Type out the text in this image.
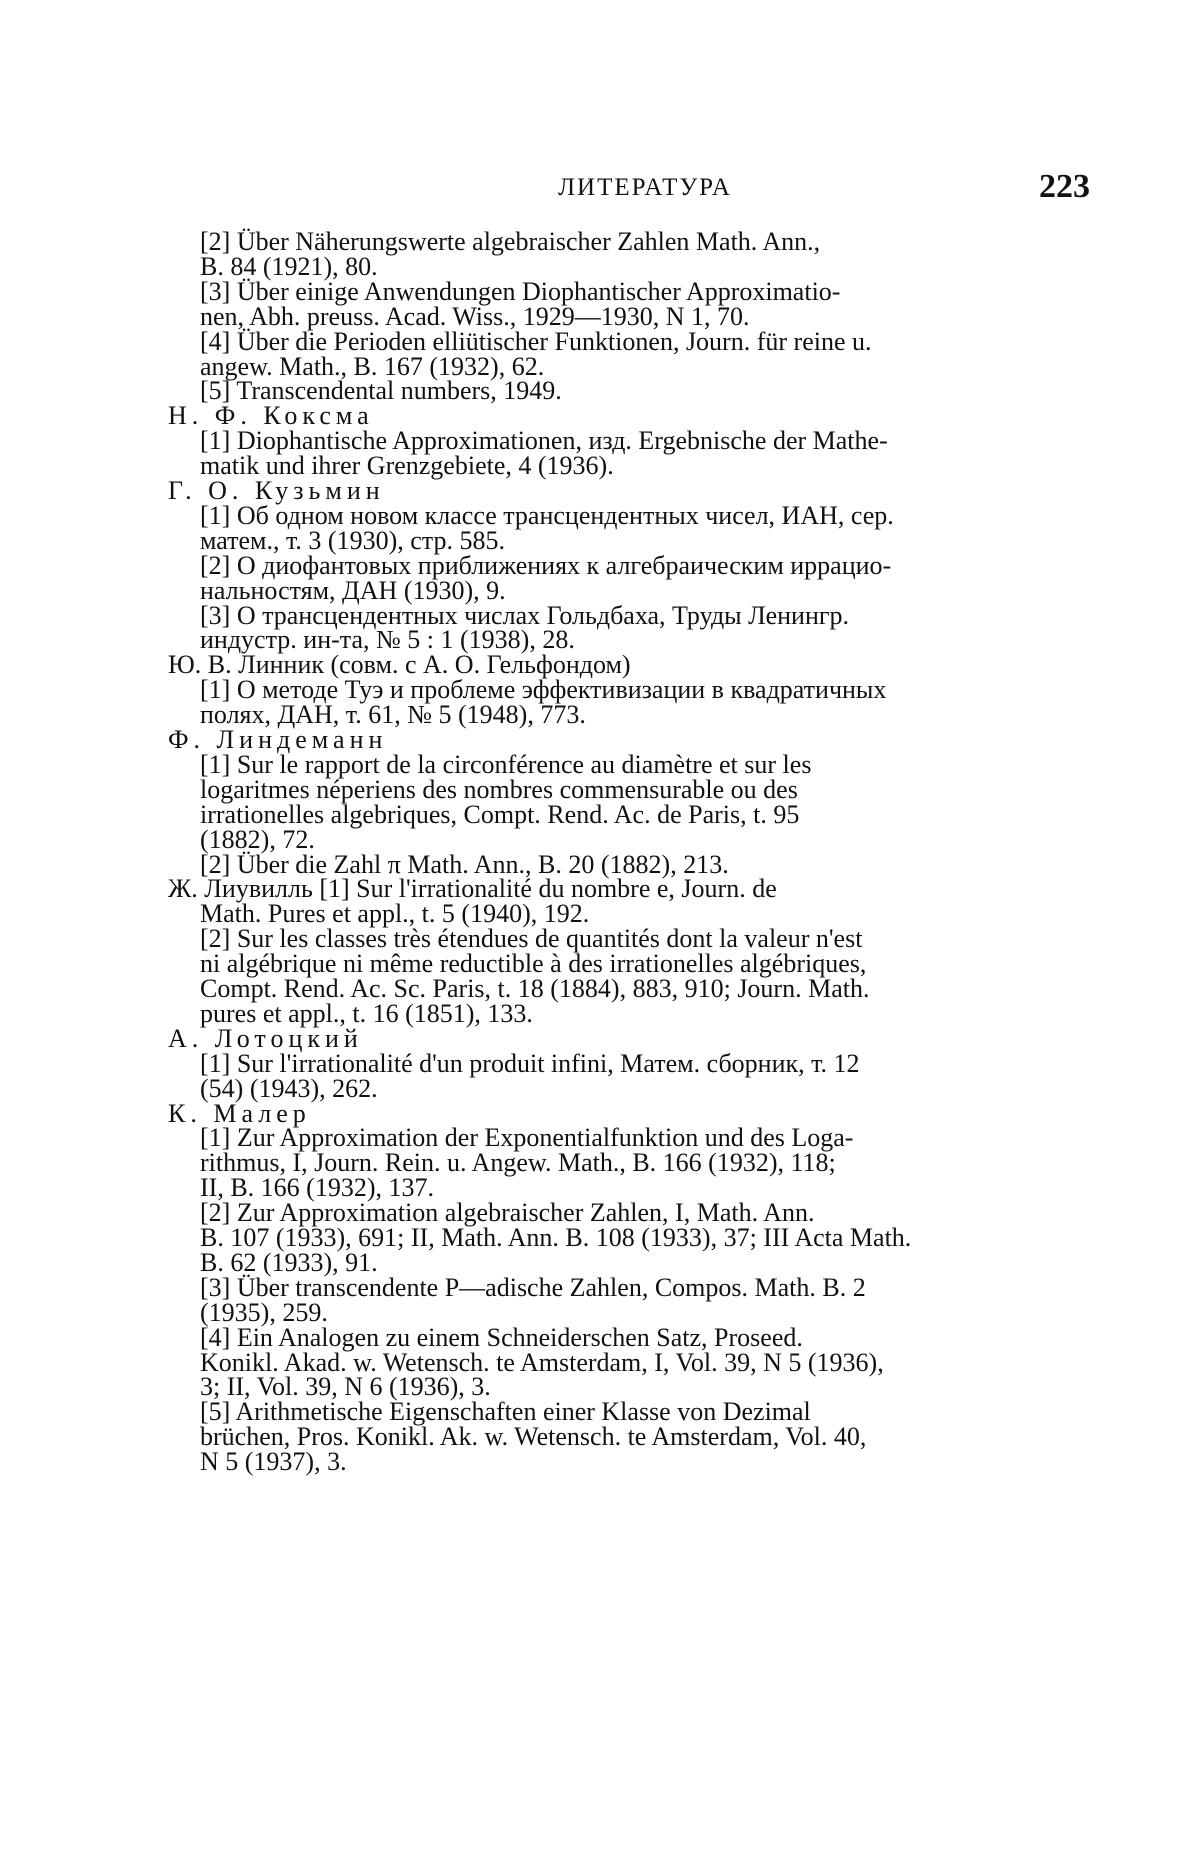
ЛИТЕРАТУРА	223
[2] Über Näherungswerte algebraischer Zahlen Math. Ann.,
B. 84 (1921), 80.
[3] Über einige Anwendungen Diophantischer Approximatio-
nen, Abh. preuss. Acad. Wiss., 1929—1930, N 1, 70.
[4] Über die Perioden elliütischer Funktionen, Journ. für reine u.
angew. Math., B. 167 (1932), 62.
[5] Transcendental numbers, 1949.
Н. Ф. Коксма
[1] Diophantische Approximationen, изд. Ergebnische der Mathe-
matik und ihrer Grenzgebiete, 4 (1936).
Г. О. Кузьмин
[1] Об одном новом классе трансцендентных чисел, ИАН, сер.
матем., т. 3 (1930), стр. 585.
[2] О диофантовых приближениях к алгебраическим иррацио-
нальностям, ДАН (1930), 9.
[3] О трансцендентных числах Гольдбаха, Труды Ленингр.
индустр. ин-та, № 5 : 1 (1938), 28.
Ю. В. Линник (совм. с А. О. Гельфондом)
[1] О методе Туэ и проблеме эффективизации в квадратичных
полях, ДАН, т. 61, № 5 (1948), 773.
Ф. Линдеманн
[1] Sur le rapport de la circonférence au diamètre et sur les
logaritmes néperiens des nombres commensurable ou des
irrationelles algebriques, Compt. Rend. Ac. de Paris, t. 95
(1882), 72.
[2] Über die Zahl π Math. Ann., B. 20 (1882), 213.
Ж. Лиувилль [1] Sur l'irrationalité du nombre e, Journ. de
Math. Pures et appl., t. 5 (1940), 192.
[2] Sur les classes très étendues de quantités dont la valeur n'est
ni algébrique ni même reductible à des irrationelles algébriques,
Compt. Rend. Ac. Sc. Paris, t. 18 (1884), 883, 910; Journ. Math.
pures et appl., t. 16 (1851), 133.
А. Лотоцкий
[1] Sur l'irrationalité d'un produit infini, Матем. сборник, т. 12
(54) (1943), 262.
К. Малер
[1] Zur Approximation der Exponentialfunktion und des Loga-
rithmus, I, Journ. Rein. u. Angew. Math., B. 166 (1932), 118;
II, B. 166 (1932), 137.
[2] Zur Approximation algebraischer Zahlen, I, Math. Ann.
B. 107 (1933), 691; II, Math. Ann. B. 108 (1933), 37; III Acta Math.
B. 62 (1933), 91.
[3] Über transcendente P—adische Zahlen, Compos. Math. B. 2
(1935), 259.
[4] Ein Analogen zu einem Schneiderschen Satz, Proseed.
Konikl. Akad. w. Wetensch. te Amsterdam, I, Vol. 39, N 5 (1936),
3; II, Vol. 39, N 6 (1936), 3.
[5] Arithmetische Eigenschaften einer Klasse von Dezimal
brüchen, Pros. Konikl. Ak. w. Wetensch. te Amsterdam, Vol. 40,
N 5 (1937), 3.
